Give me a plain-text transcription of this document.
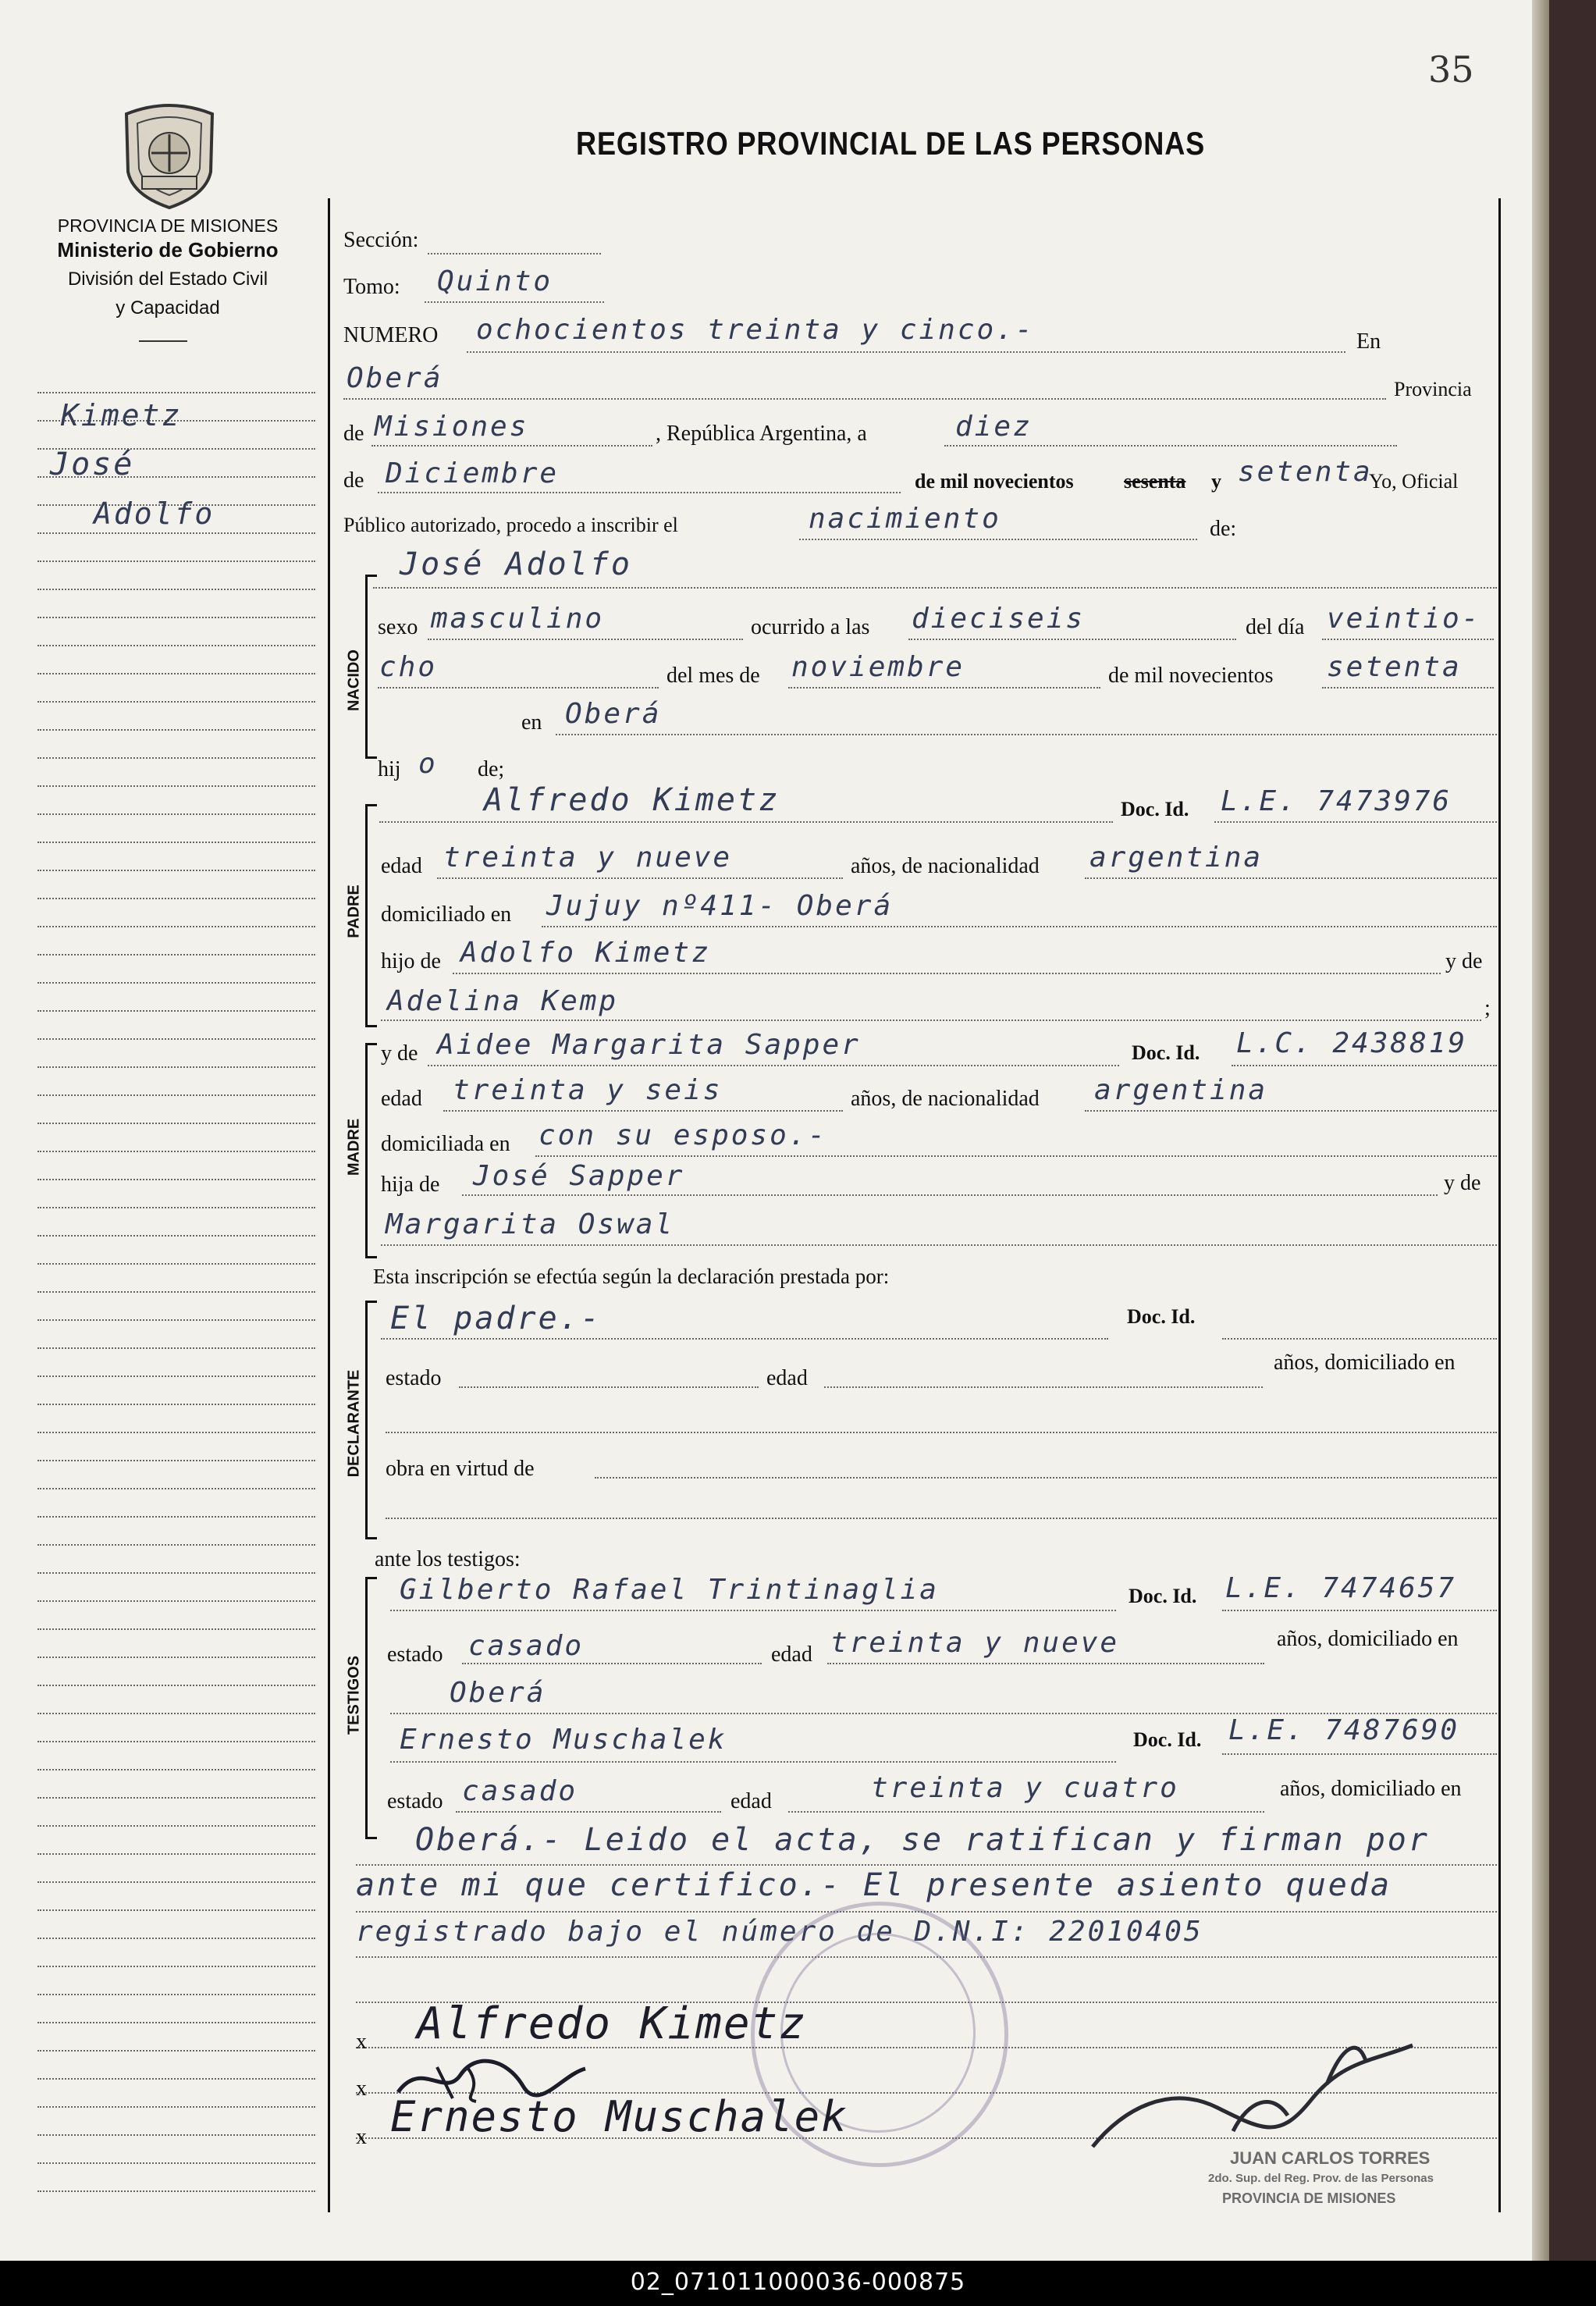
35
REGISTRO PROVINCIAL DE LAS PERSONAS
PROVINCIA DE MISIONES
Ministerio de Gobierno
División del Estado Civil
y Capacidad
Kimetz
José
Adolfo
Sección:
Tomo: Quinto
NUMERO ochocientos treinta y cinco.-	En
Oberá	Provincia
de Misiones	, República Argentina, a	diez
de Diciembre	de mil novecientos sesenta y setenta
Yo, Oficial
Público autorizado, procedo a inscribir el	nacimiento	de:
José Adolfo
NACIDO
sexo masculino	ocurrido a las dieciseis	del día veintio-
cho	del mes de noviembre	de mil novecientos setenta
en Oberá
hij o de;
PADRE
Alfredo Kimetz	Doc. Id. L.E. 7473976
edad treinta y nueve	años, de nacionalidad argentina
domiciliado en Jujuy nº411- Oberá
hijo de Adolfo Kimetz	y de
Adelina Kemp	;
MADRE
y de Aidee Margarita Sapper	Doc. Id. L.C. 2438819
edad treinta y seis	años, de nacionalidad argentina
domiciliada en con su esposo.-
hija de José Sapper	y de
Margarita Oswal
Esta inscripción se efectúa según la declaración prestada por:
DECLARANTE
El padre.-	Doc. Id.
estado	edad
años, domiciliado en
obra en virtud de
ante los testigos:
TESTIGOS
Gilberto Rafael Trintinaglia	Doc. Id. L.E. 7474657
estado casado	edad treinta y nueve	años, domiciliado en
Oberá
Ernesto Muschalek	Doc. Id. L.E. 7487690
estado casado	edad	treinta y cuatro	años, domiciliado en
Oberá.- Leido el acta, se ratifican y firman por
ante mi que certifico.- El presente asiento queda
registrado bajo el número de D.N.I: 22010405
x Alfredo Kimetz
x
x Ernesto Muschalek
JUAN CARLOS TORRES
2do. Sup. del Reg. Prov. de las Personas
PROVINCIA DE MISIONES
02_071011000036-000875
